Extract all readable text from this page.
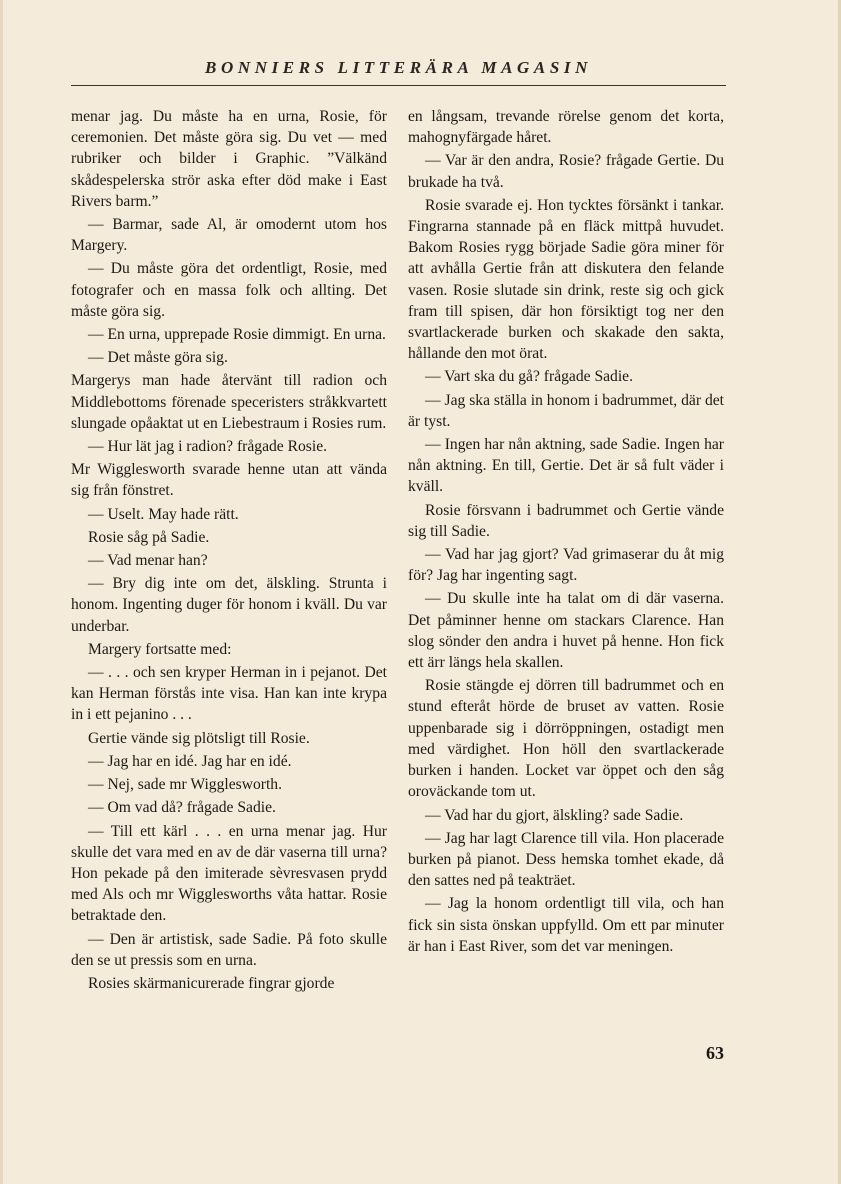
BONNIERS LITTERÄRA MAGASIN

menar jag. Du måste ha en urna, Rosie, för ceremonien. Det måste göra sig. Du vet — med rubriker och bilder i Graphic. ”Välkänd skådespelerska strör aska efter död make i East Rivers barm.”

— Barmar, sade Al, är omodernt utom hos Margery.

— Du måste göra det ordentligt, Rosie, med fotografer och en massa folk och allting. Det måste göra sig.

— En urna, upprepade Rosie dimmigt. En urna.

— Det måste göra sig.

Margerys man hade återvänt till radion och Middlebottoms förenade speceristers stråkkvartett slungade opåaktat ut en Liebestraum i Rosies rum.

— Hur lät jag i radion? frågade Rosie.

Mr Wigglesworth svarade henne utan att vända sig från fönstret.

— Uselt. May hade rätt.

Rosie såg på Sadie.

— Vad menar han?

— Bry dig inte om det, älskling. Strunta i honom. Ingenting duger för honom i kväll. Du var underbar.

Margery fortsatte med:

— . . . och sen kryper Herman in i pejanot. Det kan Herman förstås inte visa. Han kan inte krypa in i ett pejanino . . .

Gertie vände sig plötsligt till Rosie.

— Jag har en idé. Jag har en idé.

— Nej, sade mr Wigglesworth.

— Om vad då? frågade Sadie.

— Till ett kärl . . . en urna menar jag. Hur skulle det vara med en av de där vaserna till urna? Hon pekade på den imiterade sèvresvasen prydd med Als och mr Wigglesworths våta hattar. Rosie betraktade den.

— Den är artistisk, sade Sadie. På foto skulle den se ut pressis som en urna.

Rosies skärmanicurerade fingrar gjorde

en långsam, trevande rörelse genom det korta, mahognyfärgade håret.

— Var är den andra, Rosie? frågade Gertie. Du brukade ha två.

Rosie svarade ej. Hon tycktes försänkt i tankar. Fingrarna stannade på en fläck mittpå huvudet. Bakom Rosies rygg började Sadie göra miner för att avhålla Gertie från att diskutera den felande vasen. Rosie slutade sin drink, reste sig och gick fram till spisen, där hon försiktigt tog ner den svartlackerade burken och skakade den sakta, hållande den mot örat.

— Vart ska du gå? frågade Sadie.

— Jag ska ställa in honom i badrummet, där det är tyst.

— Ingen har nån aktning, sade Sadie. Ingen har nån aktning. En till, Gertie. Det är så fult väder i kväll.

Rosie försvann i badrummet och Gertie vände sig till Sadie.

— Vad har jag gjort? Vad grimaserar du åt mig för? Jag har ingenting sagt.

— Du skulle inte ha talat om di där vaserna. Det påminner henne om stackars Clarence. Han slog sönder den andra i huvet på henne. Hon fick ett ärr längs hela skallen.

Rosie stängde ej dörren till badrummet och en stund efteråt hörde de bruset av vatten. Rosie uppenbarade sig i dörröppningen, ostadigt men med värdighet. Hon höll den svartlackerade burken i handen. Locket var öppet och den såg oroväckande tom ut.

— Vad har du gjort, älskling? sade Sadie.

— Jag har lagt Clarence till vila. Hon placerade burken på pianot. Dess hemska tomhet ekade, då den sattes ned på teakträet.

— Jag la honom ordentligt till vila, och han fick sin sista önskan uppfylld. Om ett par minuter är han i East River, som det var meningen.

63
